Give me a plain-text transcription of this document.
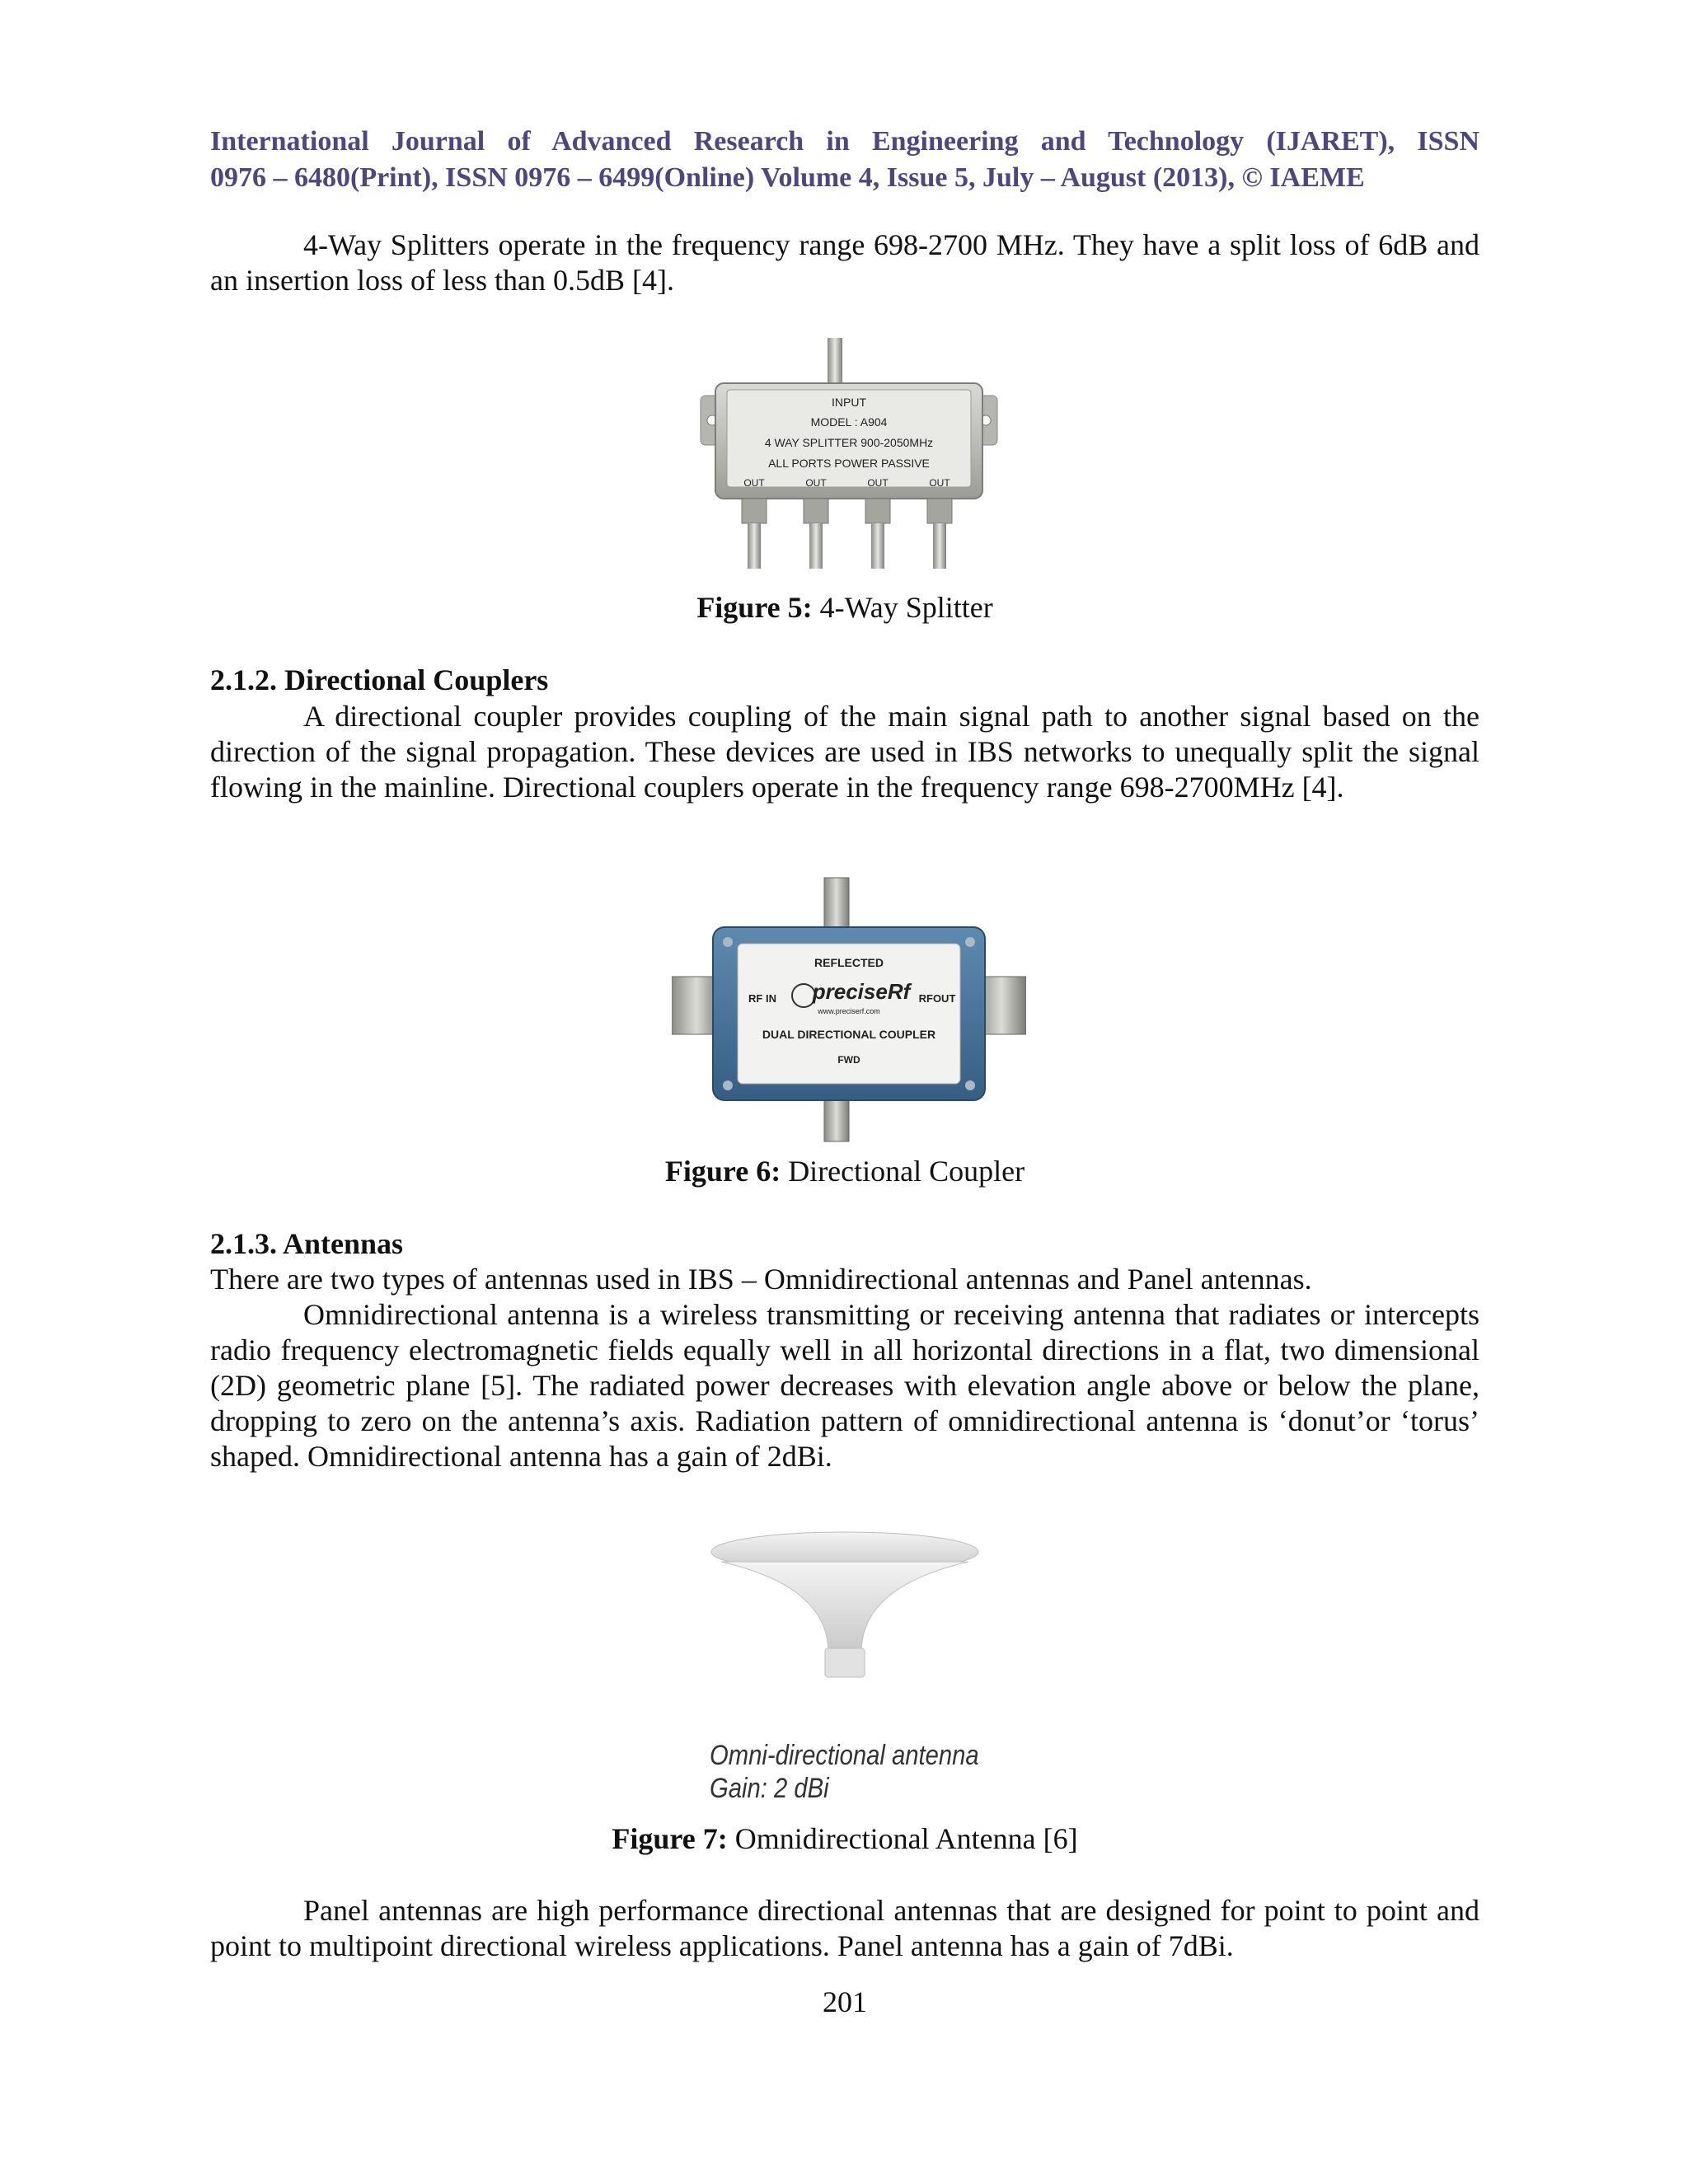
International Journal of Advanced Research in Engineering and Technology (IJARET), ISSN
0976 – 6480(Print), ISSN 0976 – 6499(Online) Volume 4, Issue 5, July – August (2013), © IAEME

4-Way Splitters operate in the frequency range 698-2700 MHz. They have a split loss of 6dB and an insertion loss of less than 0.5dB [4].

INPUT
MODEL : A904
4 WAY SPLITTER 900-2050MHz
ALL PORTS POWER PASSIVE
OUT	OUT	OUT	OUT
Figure 5: 4-Way Splitter

2.1.2. Directional Couplers

A directional coupler provides coupling of the main signal path to another signal based on the direction of the signal propagation. These devices are used in IBS networks to unequally split the signal flowing in the mainline. Directional couplers operate in the frequency range 698-2700MHz [4].

REFLECTED
preciseRf
www.preciserf.com
RF IN	RFOUT
DUAL DIRECTIONAL COUPLER
FWD
Figure 6: Directional Coupler

2.1.3. Antennas

There are two types of antennas used in IBS – Omnidirectional antennas and Panel antennas.

Omnidirectional antenna is a wireless transmitting or receiving antenna that radiates or intercepts radio frequency electromagnetic fields equally well in all horizontal directions in a flat, two dimensional (2D) geometric plane [5]. The radiated power decreases with elevation angle above or below the plane, dropping to zero on the antenna’s axis. Radiation pattern of omnidirectional antenna is ‘donut’or ‘torus’ shaped. Omnidirectional antenna has a gain of 2dBi.

Omni-directional antenna
Gain: 2 dBi
Figure 7: Omnidirectional Antenna [6]

Panel antennas are high performance directional antennas that are designed for point to point and point to multipoint directional wireless applications. Panel antenna has a gain of 7dBi.

201
